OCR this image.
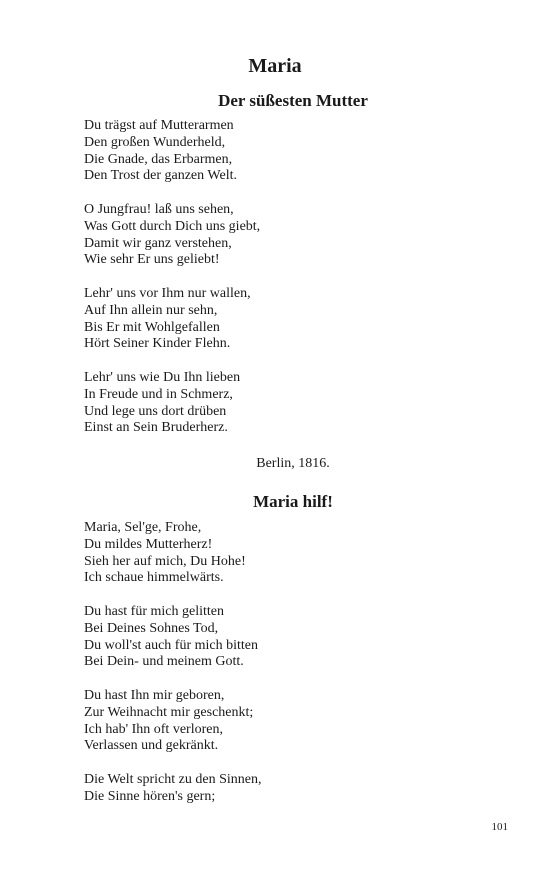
Maria
Der süßesten Mutter

Du trägst auf Mutterarmen
Den großen Wunderheld,
Die Gnade, das Erbarmen,
Den Trost der ganzen Welt.

O Jungfrau! laß uns sehen,
Was Gott durch Dich uns giebt,
Damit wir ganz verstehen,
Wie sehr Er uns geliebt!

Lehr' uns vor Ihm nur wallen,
Auf Ihn allein nur sehn,
Bis Er mit Wohlgefallen
Hört Seiner Kinder Flehn.

Lehr' uns wie Du Ihn lieben
In Freude und in Schmerz,
Und lege uns dort drüben
Einst an Sein Bruderherz.

Berlin, 1816.
Maria hilf!

Maria, Sel'ge, Frohe,
Du mildes Mutterherz!
Sieh her auf mich, Du Hohe!
Ich schaue himmelwärts.

Du hast für mich gelitten
Bei Deines Sohnes Tod,
Du woll'st auch für mich bitten
Bei Dein- und meinem Gott.

Du hast Ihn mir geboren,
Zur Weihnacht mir geschenkt;
Ich hab' Ihn oft verloren,
Verlassen und gekränkt.

Die Welt spricht zu den Sinnen,
Die Sinne hören's gern;

101
